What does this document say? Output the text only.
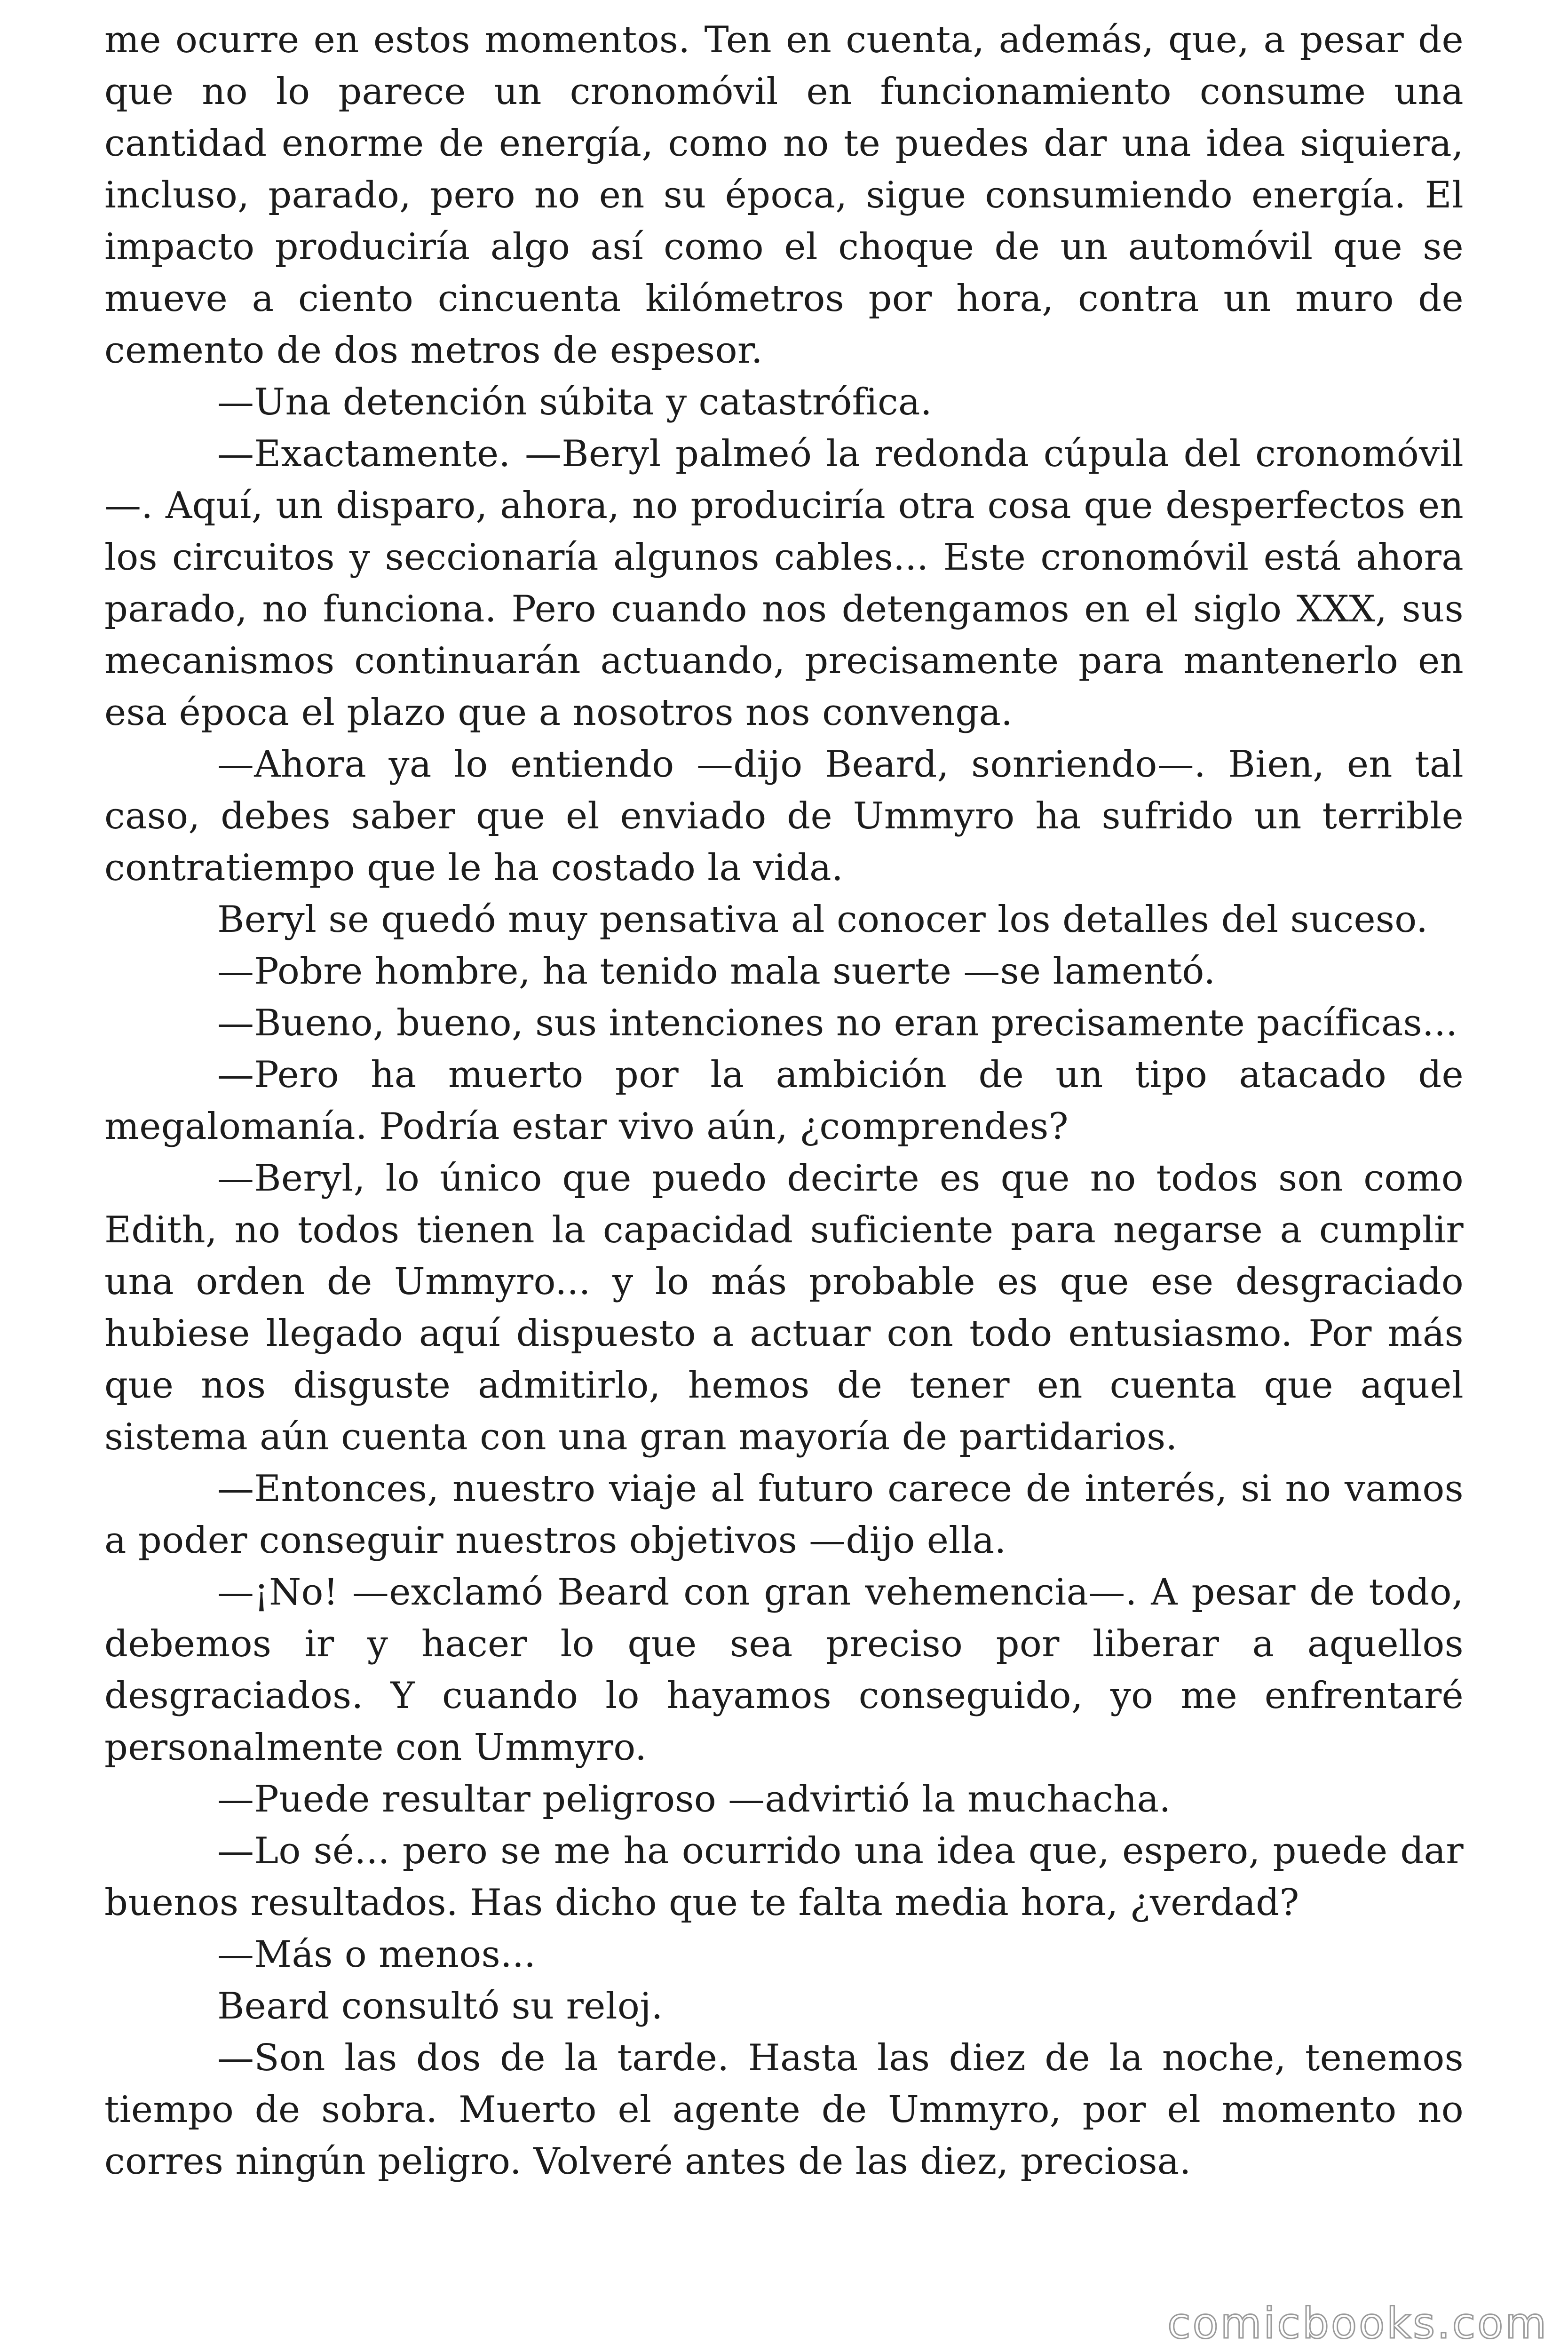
me ocurre en estos momentos. Ten en cuenta, además, que, a pesar de que no lo parece un cronomóvil en funcionamiento consume una cantidad enorme de energía, como no te puedes dar una idea siquiera, incluso, parado, pero no en su época, sigue consumiendo energía. El impacto produciría algo así como el choque de un automóvil que se mueve a ciento cincuenta kilómetros por hora, contra un muro de cemento de dos metros de espesor.

—Una detención súbita y catastrófica.

—Exactamente. —Beryl palmeó la redonda cúpula del cronomóvil—. Aquí, un disparo, ahora, no produciría otra cosa que desperfectos en los circuitos y seccionaría algunos cables... Este cronomóvil está ahora parado, no funciona. Pero cuando nos detengamos en el siglo XXX, sus mecanismos continuarán actuando, precisamente para mantenerlo en esa época el plazo que a nosotros nos convenga.

—Ahora ya lo entiendo —dijo Beard, sonriendo—. Bien, en tal caso, debes saber que el enviado de Ummyro ha sufrido un terrible contratiempo que le ha costado la vida.

Beryl se quedó muy pensativa al conocer los detalles del suceso.

—Pobre hombre, ha tenido mala suerte —se lamentó.

—Bueno, bueno, sus intenciones no eran precisamente pacíficas...

—Pero ha muerto por la ambición de un tipo atacado de megalomanía. Podría estar vivo aún, ¿comprendes?

—Beryl, lo único que puedo decirte es que no todos son como Edith, no todos tienen la capacidad suficiente para negarse a cumplir una orden de Ummyro... y lo más probable es que ese desgraciado hubiese llegado aquí dispuesto a actuar con todo entusiasmo. Por más que nos disguste admitirlo, hemos de tener en cuenta que aquel sistema aún cuenta con una gran mayoría de partidarios.

—Entonces, nuestro viaje al futuro carece de interés, si no vamos a poder conseguir nuestros objetivos —dijo ella.

—¡No! —exclamó Beard con gran vehemencia—. A pesar de todo, debemos ir y hacer lo que sea preciso por liberar a aquellos desgraciados. Y cuando lo hayamos conseguido, yo me enfrentaré personalmente con Ummyro.

—Puede resultar peligroso —advirtió la muchacha.

—Lo sé... pero se me ha ocurrido una idea que, espero, puede dar buenos resultados. Has dicho que te falta media hora, ¿verdad?

—Más o menos...

Beard consultó su reloj.

—Son las dos de la tarde. Hasta las diez de la noche, tenemos tiempo de sobra. Muerto el agente de Ummyro, por el momento no corres ningún peligro. Volveré antes de las diez, preciosa.

comicbooks.com
